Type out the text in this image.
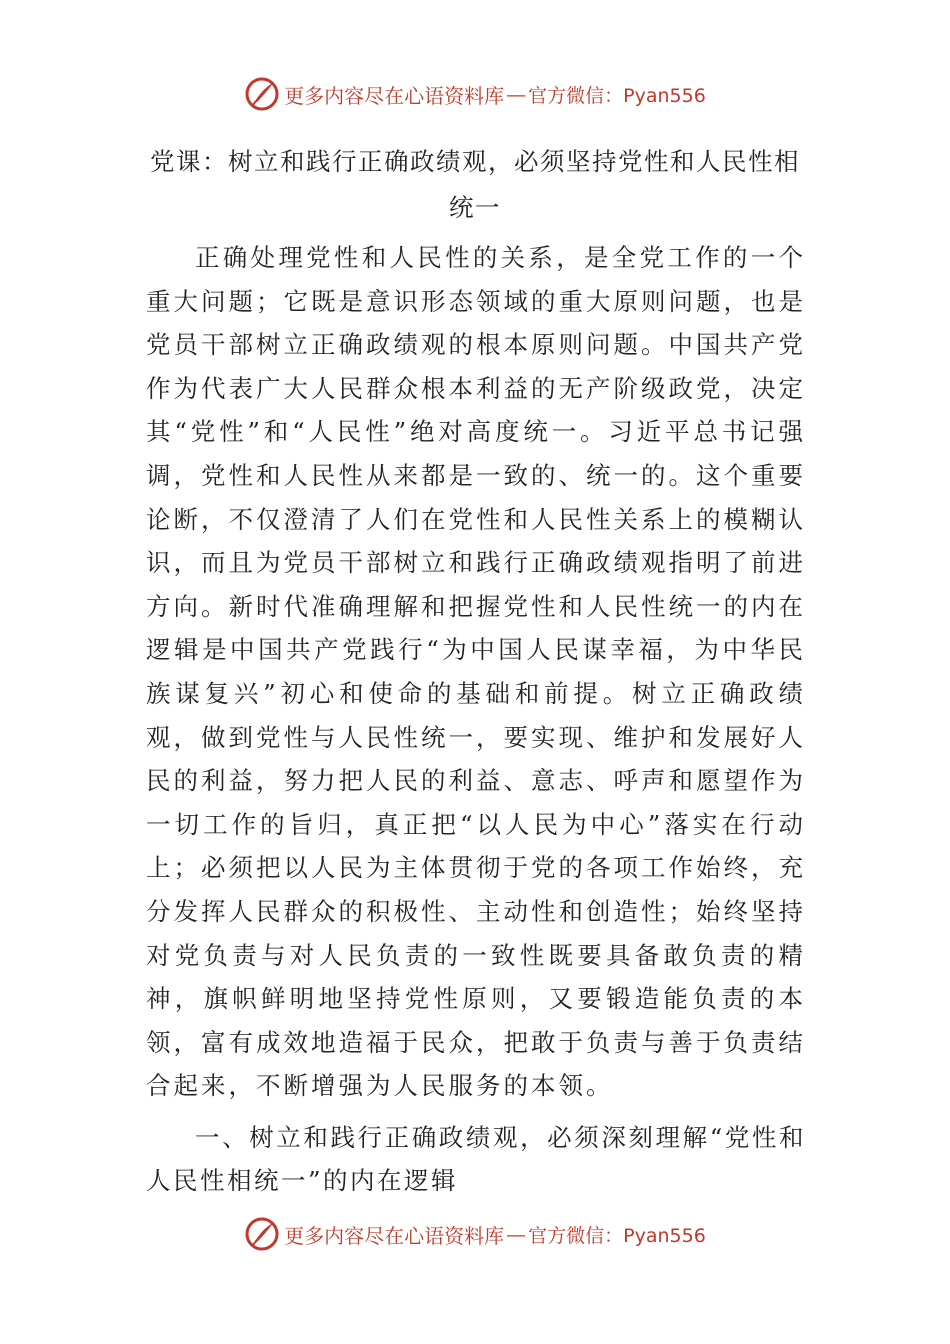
更多内容尽在心语资料库 — 官方微信：Pyan556
党课：树立和践行正确政绩观，必须坚持党性和人民性相统一

正确处理党性和人民性的关系，是全党工作的一个重大问题；它既是意识形态领域的重大原则问题，也是党员干部树立正确政绩观的根本原则问题。中国共产党作为代表广大人民群众根本利益的无产阶级政党，决定其“党性”和“人民性”绝对高度统一。习近平总书记强调，党性和人民性从来都是一致的、统一的。这个重要论断，不仅澄清了人们在党性和人民性关系上的模糊认识，而且为党员干部树立和践行正确政绩观指明了前进方向。新时代准确理解和把握党性和人民性统一的内在逻辑是中国共产党践行“为中国人民谋幸福，为中华民族谋复兴”初心和使命的基础和前提。树立正确政绩观，做到党性与人民性统一，要实现、维护和发展好人民的利益，努力把人民的利益、意志、呼声和愿望作为一切工作的旨归，真正把“以人民为中心”落实在行动上；必须把以人民为主体贯彻于党的各项工作始终，充分发挥人民群众的积极性、主动性和创造性；始终坚持对党负责与对人民负责的一致性既要具备敢负责的精神，旗帜鲜明地坚持党性原则，又要锻造能负责的本领，富有成效地造福于民众，把敢于负责与善于负责结合起来，不断增强为人民服务的本领。

一、树立和践行正确政绩观，必须深刻理解“党性和人民性相统一”的内在逻辑

更多内容尽在心语资料库 — 官方微信：Pyan556
